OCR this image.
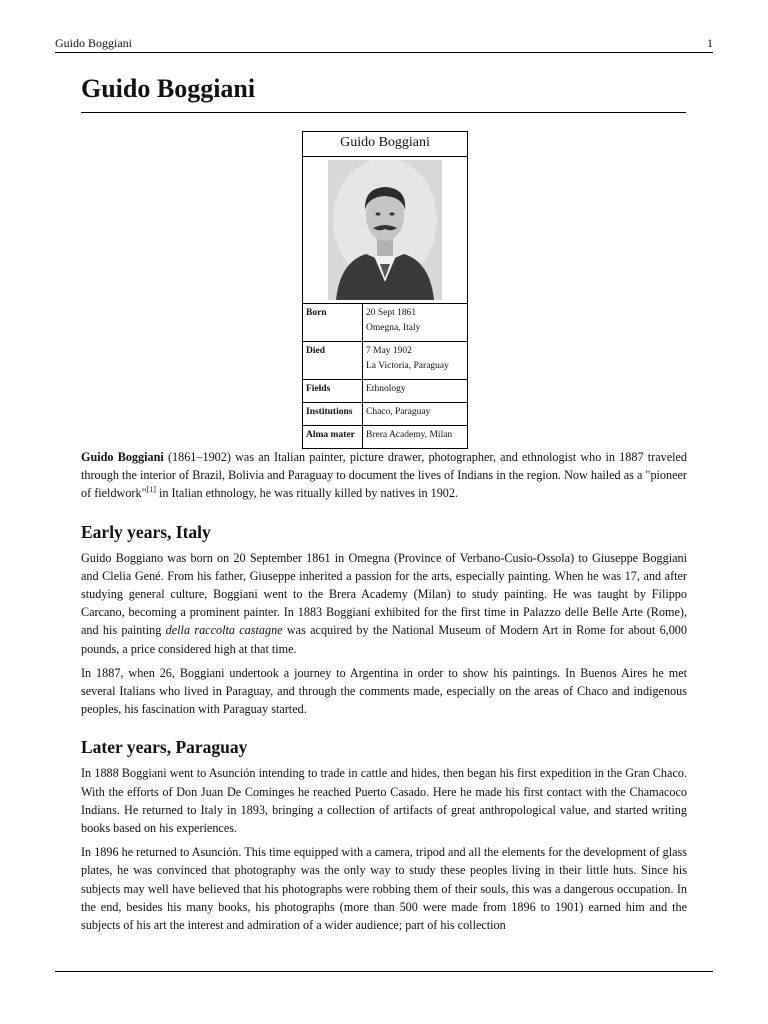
Guido Boggiani	1
Guido Boggiani
Guido Boggiani
Born	20 Sept 1861
Omegna, Italy
Died	7 May 1902
La Victoria, Paraguay
Fields	Ethnology
Institutions	Chaco, Paraguay
Alma mater	Brera Academy, Milan

Guido Boggiani (1861–1902) was an Italian painter, picture drawer, photographer, and ethnologist who in 1887 traveled through the interior of Brazil, Bolivia and Paraguay to document the lives of Indians in the region. Now hailed as a "pioneer of fieldwork"[1] in Italian ethnology, he was ritually killed by natives in 1902.

Early years, Italy

Guido Boggiano was born on 20 September 1861 in Omegna (Province of Verbano-Cusio-Ossola) to Giuseppe Boggiani and Clelia Gené. From his father, Giuseppe inherited a passion for the arts, especially painting. When he was 17, and after studying general culture, Boggiani went to the Brera Academy (Milan) to study painting. He was taught by Filippo Carcano, becoming a prominent painter. In 1883 Boggiani exhibited for the first time in Palazzo delle Belle Arte (Rome), and his painting della raccolta castagne was acquired by the National Museum of Modern Art in Rome for about 6,000 pounds, a price considered high at that time.

In 1887, when 26, Boggiani undertook a journey to Argentina in order to show his paintings. In Buenos Aires he met several Italians who lived in Paraguay, and through the comments made, especially on the areas of Chaco and indigenous peoples, his fascination with Paraguay started.

Later years, Paraguay

In 1888 Boggiani went to Asunción intending to trade in cattle and hides, then began his first expedition in the Gran Chaco. With the efforts of Don Juan De Cominges he reached Puerto Casado. Here he made his first contact with the Chamacoco Indians. He returned to Italy in 1893, bringing a collection of artifacts of great anthropological value, and started writing books based on his experiences.

In 1896 he returned to Asunción. This time equipped with a camera, tripod and all the elements for the development of glass plates, he was convinced that photography was the only way to study these peoples living in their little huts. Since his subjects may well have believed that his photographs were robbing them of their souls, this was a dangerous occupation. In the end, besides his many books, his photographs (more than 500 were made from 1896 to 1901) earned him and the subjects of his art the interest and admiration of a wider audience; part of his collection
